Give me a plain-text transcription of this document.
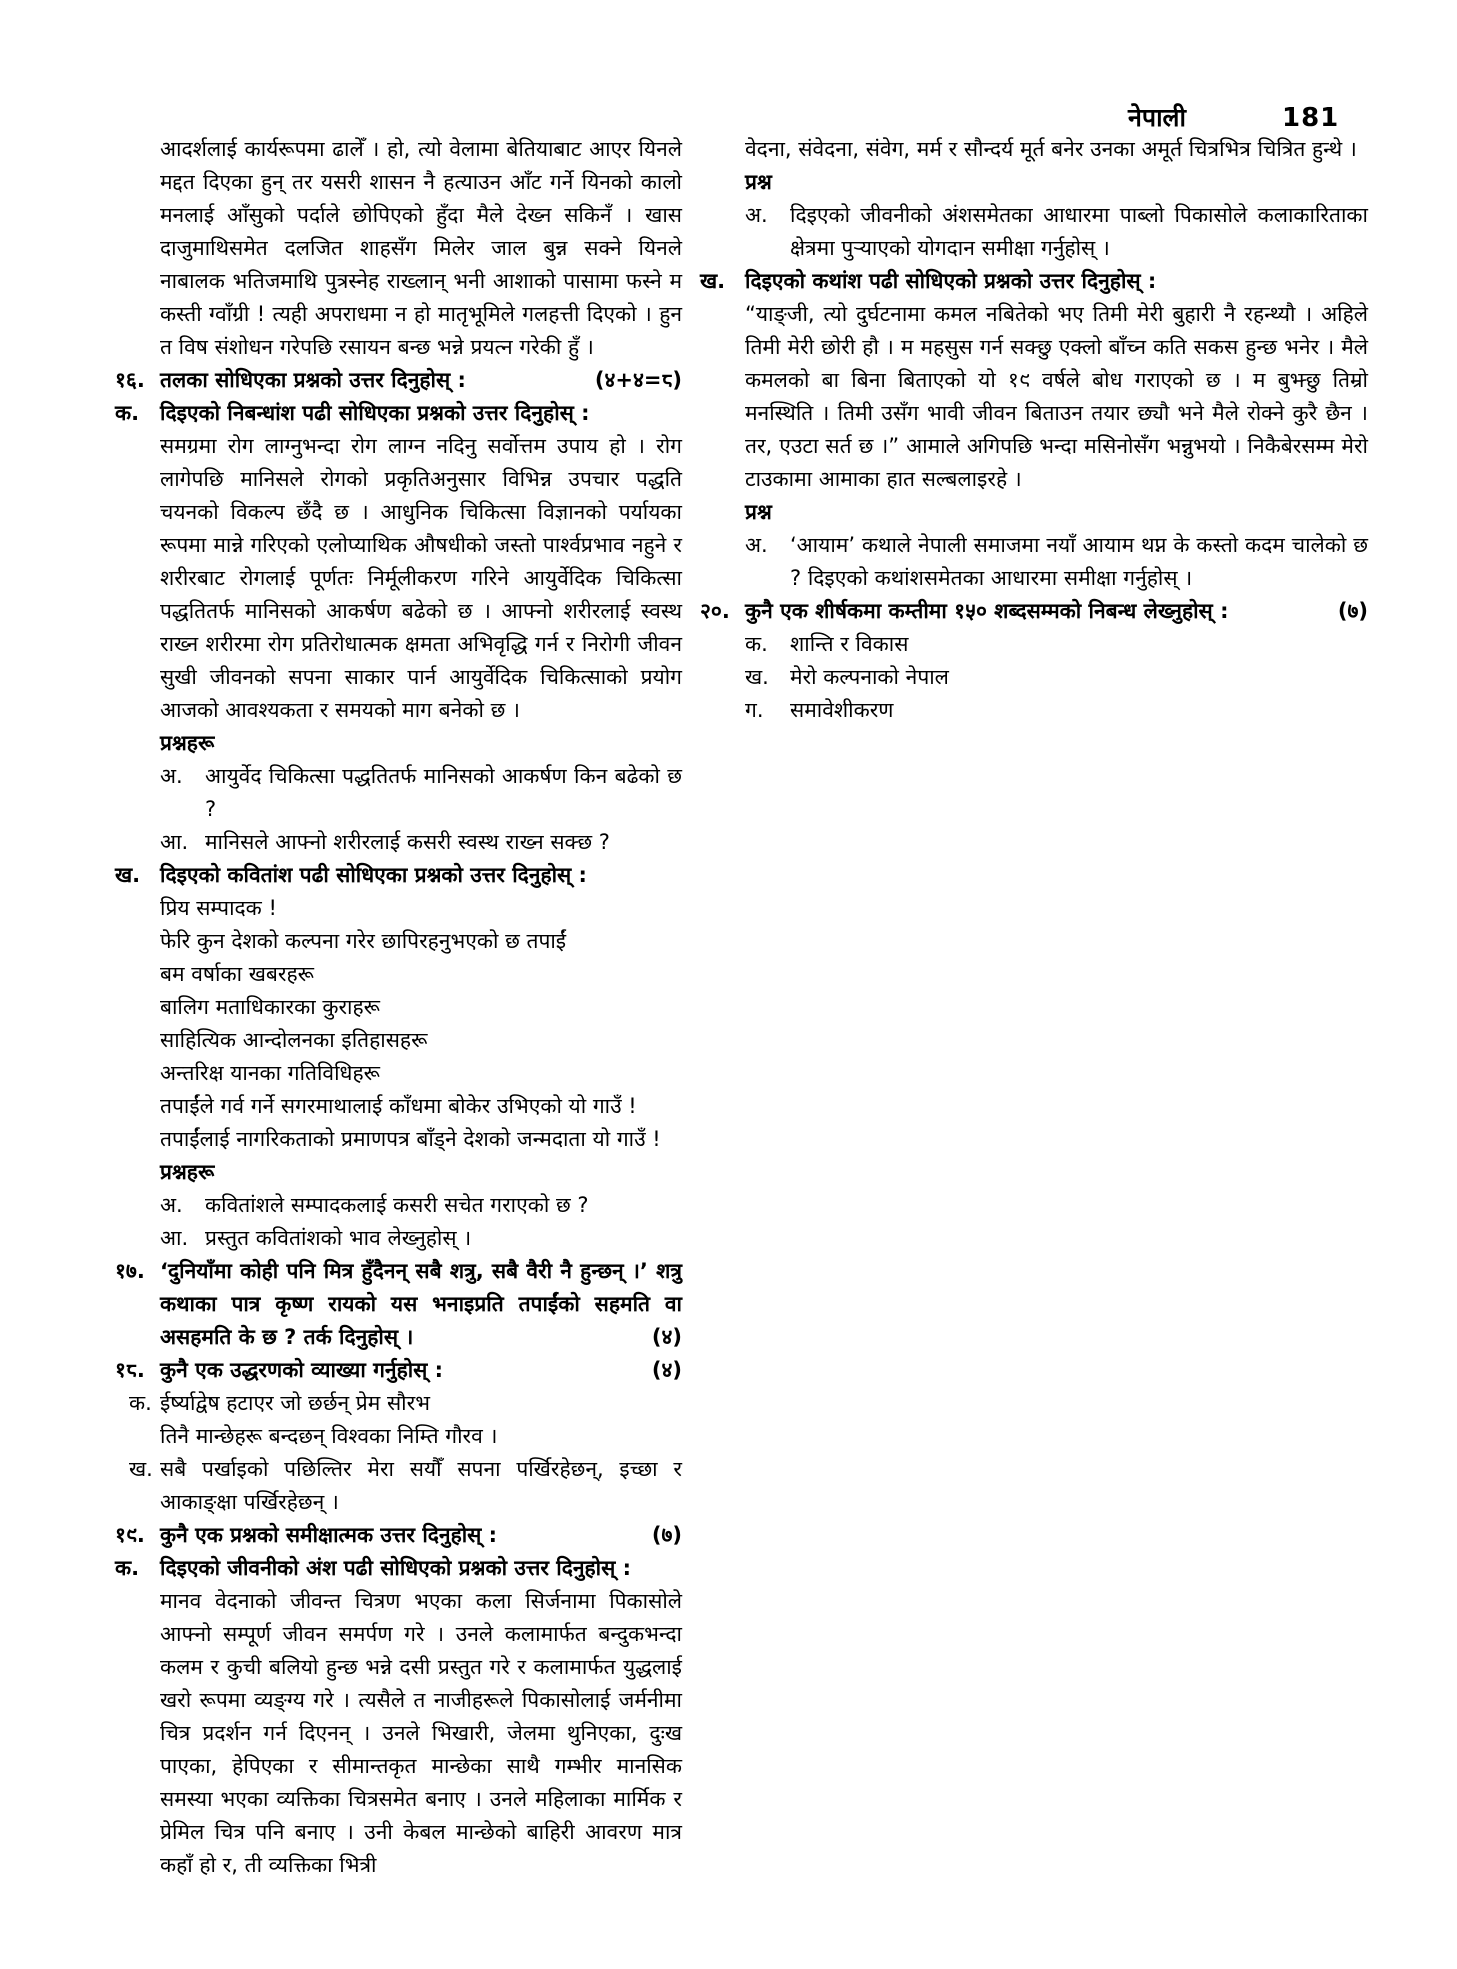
नेपाली	181
आदर्शलाई कार्यरूपमा ढालेँ । हो, त्यो वेलामा बेतियाबाट आएर यिनले मद्दत दिएका हुन् तर यसरी शासन नै हत्याउन आँट गर्ने यिनको कालो मनलाई आँसुको पर्दाले छोपिएको हुँदा मैले देख्न सकिनँ । खास दाजुमाथिसमेत दलजित शाहसँग मिलेर जाल बुन्न सक्ने यिनले नाबालक भतिजमाथि पुत्रस्नेह राख्लान् भनी आशाको पासामा फस्ने म कस्ती ग्वाँग्री ! त्यही अपराधमा न हो मातृभूमिले गलहत्ती दिएको । हुन त विष संशोधन गरेपछि रसायन बन्छ भन्ने प्रयत्न गरेकी हुँ ।
१६. तलका सोधिएका प्रश्नको उत्तर दिनुहोस् :	(४+४=८)
क. दिइएको निबन्धांश पढी सोधिएका प्रश्नको उत्तर दिनुहोस् :
समग्रमा रोग लाग्नुभन्दा रोग लाग्न नदिनु सर्वोत्तम उपाय हो । रोग लागेपछि मानिसले रोगको प्रकृतिअनुसार विभिन्न उपचार पद्धति चयनको विकल्प छँदै छ । आधुनिक चिकित्सा विज्ञानको पर्यायका रूपमा मान्ने गरिएको एलोप्याथिक औषधीको जस्तो पार्श्वप्रभाव नहुने र शरीरबाट रोगलाई पूर्णतः निर्मूलीकरण गरिने आयुर्वेदिक चिकित्सा पद्धतितर्फ मानिसको आकर्षण बढेको छ । आफ्नो शरीरलाई स्वस्थ राख्न शरीरमा रोग प्रतिरोधात्मक क्षमता अभिवृद्धि गर्न र निरोगी जीवन सुखी जीवनको सपना साकार पार्न आयुर्वेदिक चिकित्साको प्रयोग आजको आवश्यकता र समयको माग बनेको छ ।
प्रश्नहरू
अ. आयुर्वेद चिकित्सा पद्धतितर्फ मानिसको आकर्षण किन बढेको छ ?
आ. मानिसले आफ्नो शरीरलाई कसरी स्वस्थ राख्न सक्छ ?
ख. दिइएको कवितांश पढी सोधिएका प्रश्नको उत्तर दिनुहोस् :
प्रिय सम्पादक !
फेरि कुन देशको कल्पना गरेर छापिरहनुभएको छ तपाईं
बम वर्षाका खबरहरू
बालिग मताधिकारका कुराहरू
साहित्यिक आन्दोलनका इतिहासहरू
अन्तरिक्ष यानका गतिविधिहरू
तपाईंले गर्व गर्ने सगरमाथालाई काँधमा बोकेर उभिएको यो गाउँ !
तपाईंलाई नागरिकताको प्रमाणपत्र बाँड्ने देशको जन्मदाता यो गाउँ !
प्रश्नहरू
अ. कवितांशले सम्पादकलाई कसरी सचेत गराएको छ ?
आ. प्रस्तुत कवितांशको भाव लेख्नुहोस् ।
१७. ‘दुनियाँमा कोही पनि मित्र हुँदैनन् सबै शत्रु, सबै वैरी नै हुन्छन् ।’ शत्रु कथाका पात्र कृष्ण रायको यस भनाइप्रति तपाईंको सहमति वा असहमति के छ ? तर्क दिनुहोस् ।	(४)
१८. कुनै एक उद्धरणको व्याख्या गर्नुहोस् :	(४)
क. ईर्ष्याद्वेष हटाएर जो छर्छन् प्रेम सौरभ
तिनै मान्छेहरू बन्दछन् विश्वका निम्ति गौरव ।
ख. सबै पर्खाइको पछिल्तिर मेरा सयौँ सपना पर्खिरहेछन्, इच्छा र आकाङ्क्षा पर्खिरहेछन् ।
१९. कुनै एक प्रश्नको समीक्षात्मक उत्तर दिनुहोस् :	(७)
क. दिइएको जीवनीको अंश पढी सोधिएको प्रश्नको उत्तर दिनुहोस् :
मानव वेदनाको जीवन्त चित्रण भएका कला सिर्जनामा पिकासोले आफ्नो सम्पूर्ण जीवन समर्पण गरे । उनले कलामार्फत बन्दुकभन्दा कलम र कुची बलियो हुन्छ भन्ने दसी प्रस्तुत गरे र कलामार्फत युद्धलाई खरो रूपमा व्यङ्ग्य गरे । त्यसैले त नाजीहरूले पिकासोलाई जर्मनीमा चित्र प्रदर्शन गर्न दिएनन् । उनले भिखारी, जेलमा थुनिएका, दुःख पाएका, हेपिएका र सीमान्तकृत मान्छेका साथै गम्भीर मानसिक समस्या भएका व्यक्तिका चित्रसमेत बनाए । उनले महिलाका मार्मिक र प्रेमिल चित्र पनि बनाए । उनी केबल मान्छेको बाहिरी आवरण मात्र कहाँ हो र, ती व्यक्तिका भित्री
वेदना, संवेदना, संवेग, मर्म र सौन्दर्य मूर्त बनेर उनका अमूर्त चित्रभित्र चित्रित हुन्थे ।
प्रश्न
अ. दिइएको जीवनीको अंशसमेतका आधारमा पाब्लो पिकासोले कलाकारिताका क्षेत्रमा पुऱ्याएको योगदान समीक्षा गर्नुहोस् ।
ख. दिइएको कथांश पढी सोधिएको प्रश्नको उत्तर दिनुहोस् :
“याङ्जी, त्यो दुर्घटनामा कमल नबितेको भए तिमी मेरी बुहारी नै रहन्थ्यौ । अहिले तिमी मेरी छोरी हौ । म महसुस गर्न सक्छु एक्लो बाँच्न कति सकस हुन्छ भनेर । मैले कमलको बा बिना बिताएको यो १९ वर्षले बोध गराएको छ । म बुझ्छु तिम्रो मनस्थिति । तिमी उसँग भावी जीवन बिताउन तयार छ्यौ भने मैले रोक्ने कुरै छैन । तर, एउटा सर्त छ ।” आमाले अगिपछि भन्दा मसिनोसँग भन्नुभयो । निकैबेरसम्म मेरो टाउकामा आमाका हात सल्बलाइरहे ।
प्रश्न
अ. ‘आयाम’ कथाले नेपाली समाजमा नयाँ आयाम थप्न के कस्तो कदम चालेको छ ? दिइएको कथांशसमेतका आधारमा समीक्षा गर्नुहोस् ।
२०. कुनै एक शीर्षकमा कम्तीमा १५० शब्दसम्मको निबन्ध लेख्नुहोस् :	(७)
क. शान्ति र विकास
ख. मेरो कल्पनाको नेपाल
ग. समावेशीकरण
